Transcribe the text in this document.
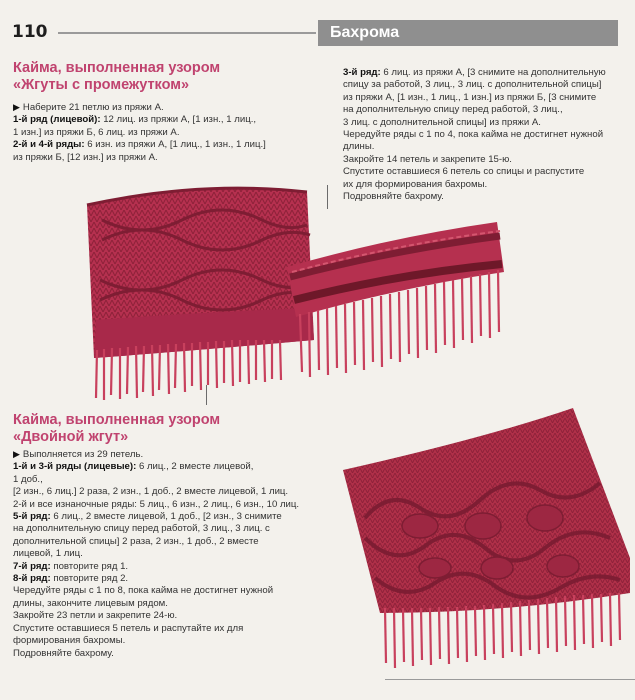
110	Бахрома
Кайма, выполненная узором
«Жгуты с промежутком»

▶ Наберите 21 петлю из пряжи А.

1-й ряд (лицевой): 12 лиц. из пряжи А, [1 изн., 1 лиц.,

1 изн.] из пряжи Б, 6 лиц. из пряжи А.

2-й и 4-й ряды: 6 изн. из пряжи А, [1 лиц., 1 изн., 1 лиц.]

из пряжи Б, [12 изн.] из пряжи А.

3-й ряд: 6 лиц. из пряжи А, [3 снимите на дополнительную

спицу за работой, 3 лиц., 3 лиц. с дополнительной спицы]

из пряжи А, [1 изн., 1 лиц., 1 изн.] из пряжи Б, [3 снимите

на дополнительную спицу перед работой, 3 лиц.,

3 лиц. с дополнительной спицы] из пряжи А.

Чередуйте ряды с 1 по 4, пока кайма не достигнет нужной

длины.

Закройте 14 петель и закрепите 15-ю.

Спустите оставшиеся 6 петель со спицы и распустите

их для формирования бахромы.

Подровняйте бахрому.

Кайма, выполненная узором
«Двойной жгут»

▶ Выполняется из 29 петель.

1-й и 3-й ряды (лицевые): 6 лиц., 2 вместе лицевой,

1 доб.,

[2 изн., 6 лиц.] 2 раза, 2 изн., 1 доб., 2 вместе лицевой, 1 лиц.

2-й и все изнаночные ряды: 5 лиц., 6 изн., 2 лиц., 6 изн., 10 лиц.

5-й ряд: 6 лиц., 2 вместе лицевой, 1 доб., [2 изн., 3 снимите

на дополнительную спицу перед работой, 3 лиц., 3 лиц. с

дополнительной спицы] 2 раза, 2 изн., 1 доб., 2 вместе

лицевой, 1 лиц.

7-й ряд: повторите ряд 1.

8-й ряд: повторите ряд 2.

Чередуйте ряды с 1 по 8, пока кайма не достигнет нужной

длины, закончите лицевым рядом.

Закройте 23 петли и закрепите 24-ю.

Спустите оставшиеся 5 петель и распутайте их для

формирования бахромы.

Подровняйте бахрому.
